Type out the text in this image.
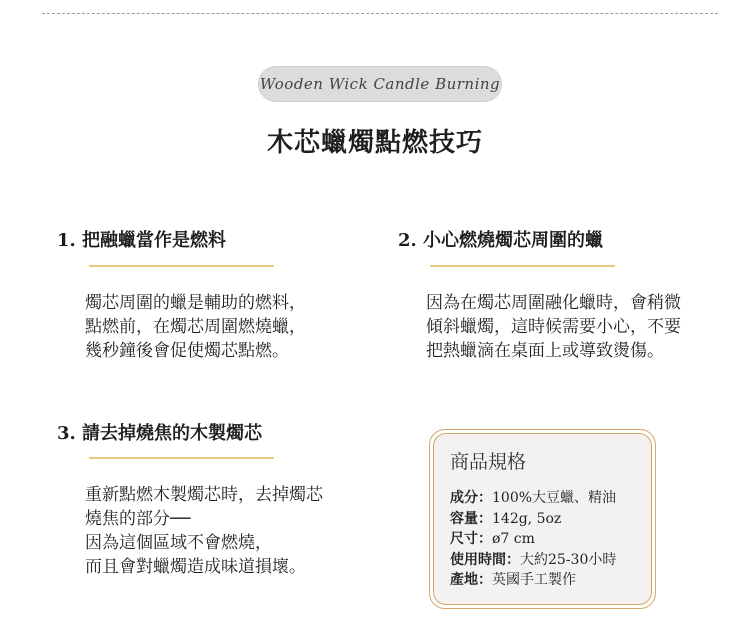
Wooden Wick Candle Burning
木芯蠟燭點燃技巧
1. 把融蠟當作是燃料
燭芯周圍的蠟是輔助的燃料，
點燃前，在燭芯周圍燃燒蠟，
幾秒鐘後會促使燭芯點燃。
2. 小心燃燒燭芯周圍的蠟
因為在燭芯周圍融化蠟時，會稍微
傾斜蠟燭，這時候需要小心，不要
把熱蠟滴在桌面上或導致燙傷。
3. 請去掉燒焦的木製燭芯
重新點燃木製燭芯時，去掉燭芯
燒焦的部分──
因為這個區域不會燃燒，
而且會對蠟燭造成味道損壞。
商品規格
成分：100%大豆蠟、精油
容量：142g, 5oz
尺寸：ø7 cm
使用時間：大約25-30小時
產地：英國手工製作
